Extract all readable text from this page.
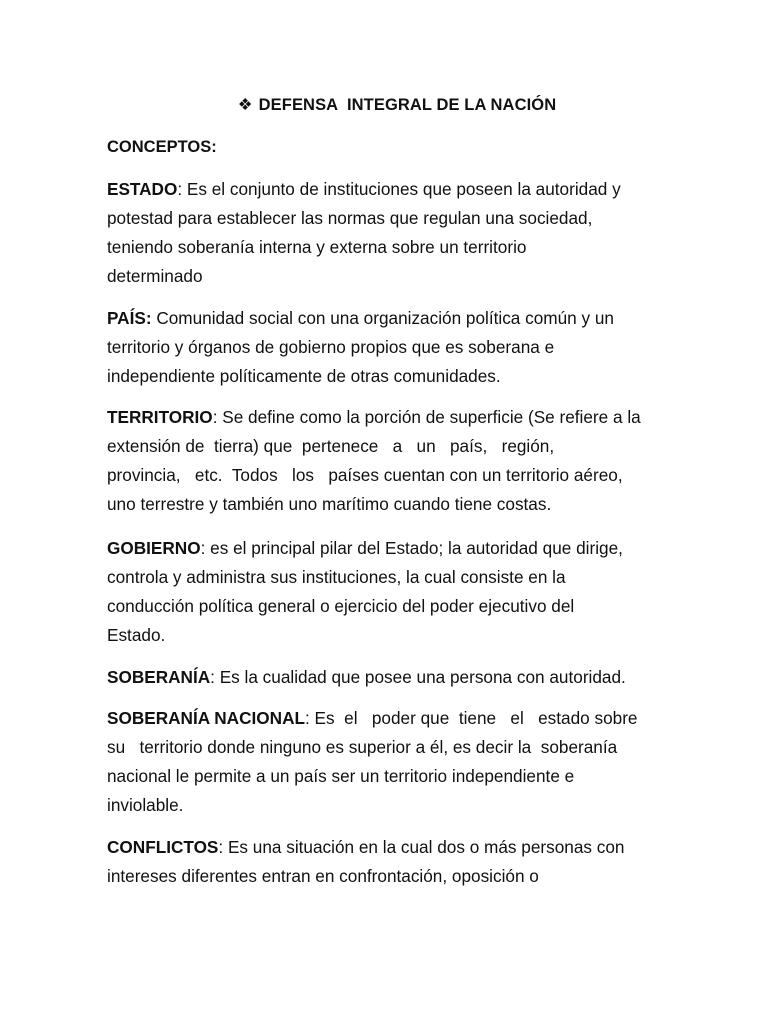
❖ DEFENSA  INTEGRAL DE LA NACIÓN
CONCEPTOS:

ESTADO: Es el conjunto de instituciones que poseen la autoridad y
potestad para establecer las normas que regulan una sociedad,
teniendo soberanía interna y externa sobre un territorio
determinado

PAÍS: Comunidad social con una organización política común y un
territorio y órganos de gobierno propios que es soberana e
independiente políticamente de otras comunidades.

TERRITORIO: Se define como la porción de superficie (Se refiere a la
extensión de  tierra) que  pertenece   a   un   país,   región,
provincia,   etc.  Todos   los   países cuentan con un territorio aéreo,
uno terrestre y también uno marítimo cuando tiene costas.

GOBIERNO: es el principal pilar del Estado; la autoridad que dirige,
controla y administra sus instituciones, la cual consiste en la
conducción política general o ejercicio del poder ejecutivo del
Estado.

SOBERANÍA: Es la cualidad que posee una persona con autoridad.

SOBERANÍA NACIONAL: Es  el   poder que  tiene   el   estado sobre
su   territorio donde ninguno es superior a él, es decir la  soberanía
nacional le permite a un país ser un territorio independiente e
inviolable.

CONFLICTOS: Es una situación en la cual dos o más personas con
intereses diferentes entran en confrontación, oposición o
